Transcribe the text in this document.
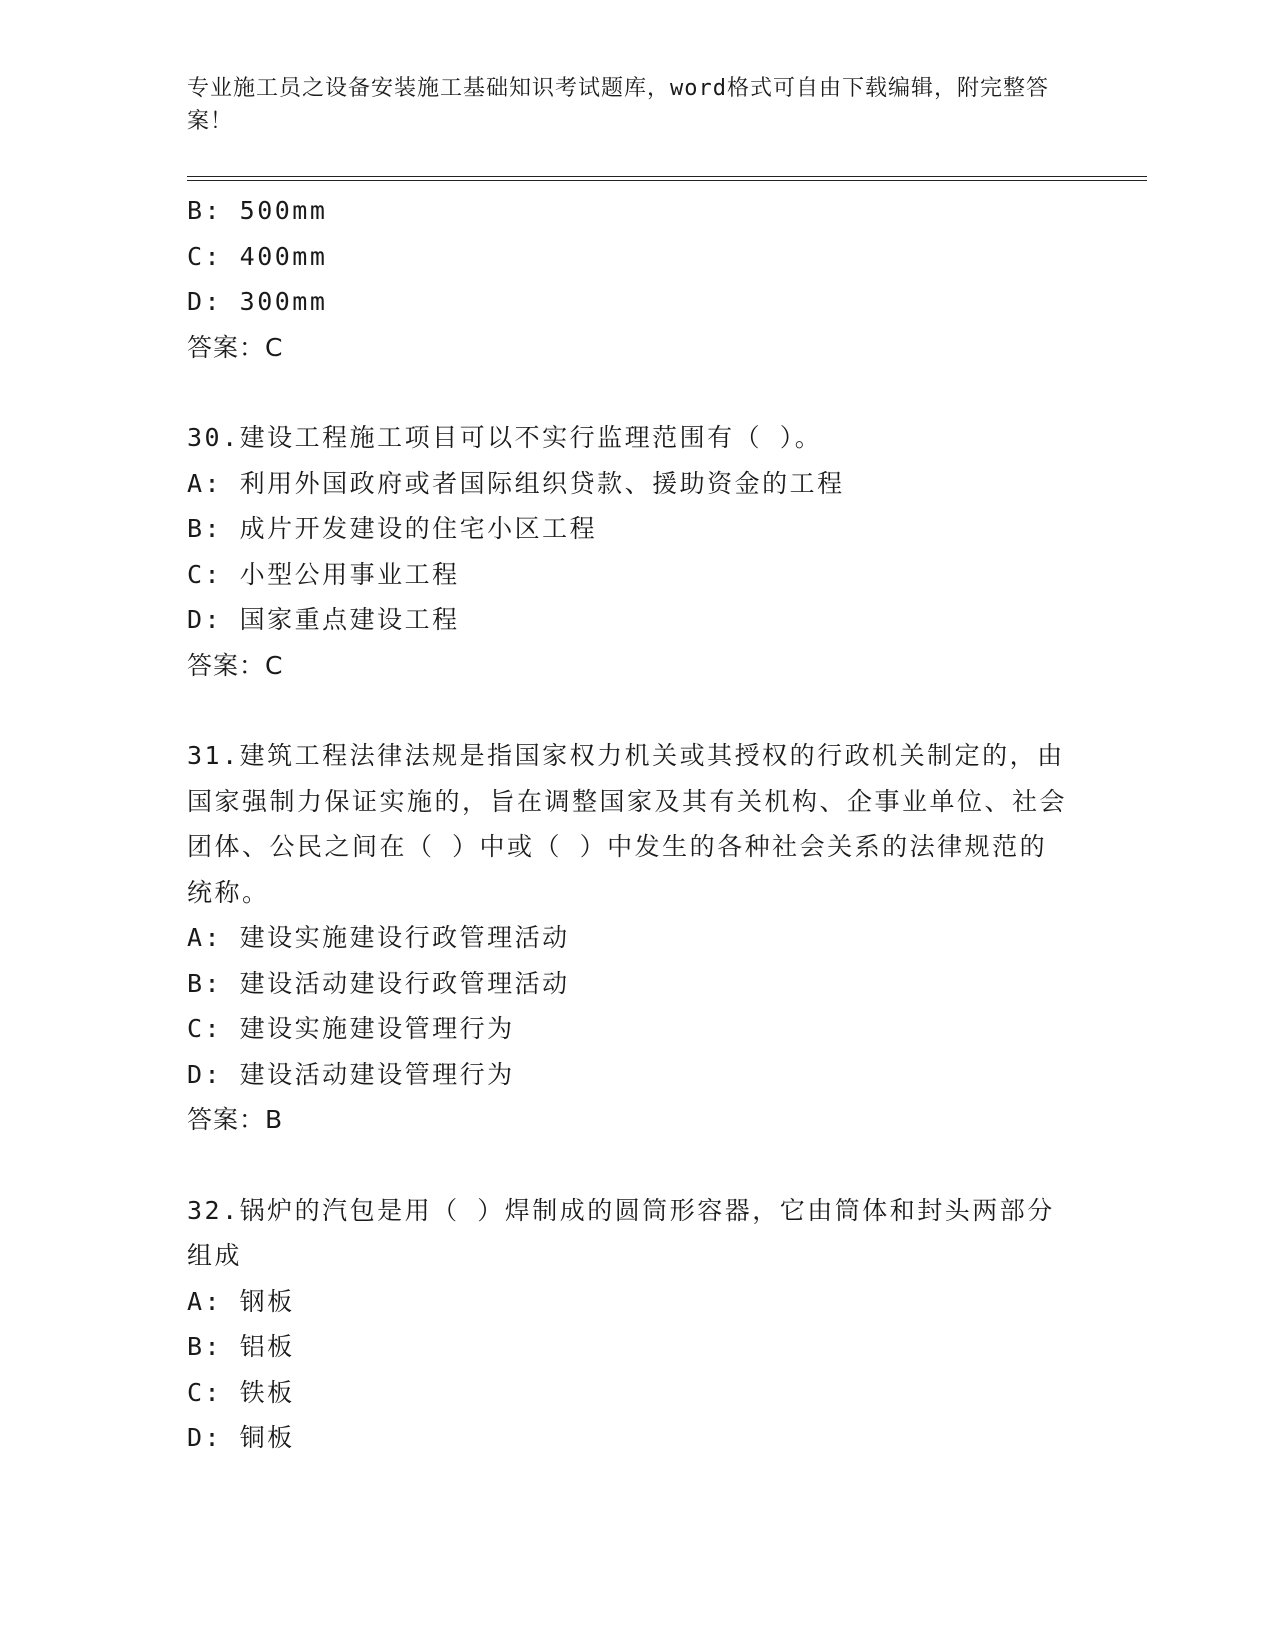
专业施工员之设备安装施工基础知识考试题库，word格式可自由下载编辑，附完整答案！

B: 500mm
C: 400mm
D: 300mm
答案：C
30.建设工程施工项目可以不实行监理范围有（ ）。
A: 利用外国政府或者国际组织贷款、援助资金的工程
B: 成片开发建设的住宅小区工程
C: 小型公用事业工程
D: 国家重点建设工程
答案：C
31.建筑工程法律法规是指国家权力机关或其授权的行政机关制定的，由国家强制力保证实施的，旨在调整国家及其有关机构、企事业单位、社会团体、公民之间在（ ）中或（ ）中发生的各种社会关系的法律规范的统称。
A: 建设实施建设行政管理活动
B: 建设活动建设行政管理活动
C: 建设实施建设管理行为
D: 建设活动建设管理行为
答案：B
32.锅炉的汽包是用（ ）焊制成的圆筒形容器，它由筒体和封头两部分组成
A: 钢板
B: 铝板
C: 铁板
D: 铜板
